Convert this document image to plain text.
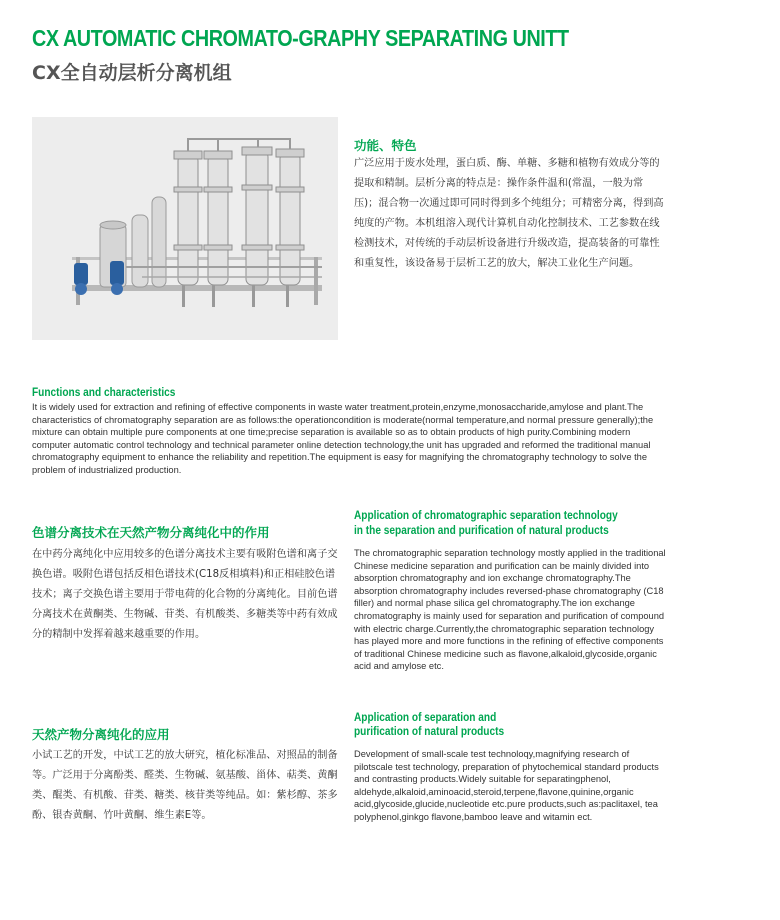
CX AUTOMATIC CHROMATO-GRAPHY SEPARATING UNITT
CX全自动层析分离机组
功能、特色

广泛应用于废水处理，蛋白质、酶、单糖、多糖和植物有效成分等的提取和精制。层析分离的特点是：操作条件温和(常温，一般为常压)；混合物一次通过即可同时得到多个纯组分；可精密分离，得到高纯度的产物。本机组溶入现代计算机自动化控制技术、工艺参数在线检测技术，对传统的手动层析设备进行升级改造，提高装备的可靠性和重复性，该设备易于层析工艺的放大，解决工业化生产问题。

Functions and characteristics

It is widely used for extraction and refining of effective components in waste water treatment,protein,enzyme,monosaccharide,amylose and plant.The characteristics of chromatography separation are as follows:the operationcondition is moderate(normal temperature,and normal pressure generally);the mixture can obtain multiple pure components at one time;precise separation is available so as to obtain products of high purity.Combining modern computer automatic control technology and technical parameter online detection technology,the unit has upgraded and reformed the traditional manual chromatography equipment to enhance the reliability and repetition.The equipment is easy for magnifying the chromatography technology to solve the problem of industrialized production.

色谱分离技术在天然产物分离纯化中的作用

在中药分离纯化中应用较多的色谱分离技术主要有吸附色谱和离子交换色谱。吸附色谱包括反相色谱技术(C18反相填料)和正相硅胶色谱技术；离子交换色谱主要用于带电荷的化合物的分离纯化。目前色谱分离技术在黄酮类、生物碱、苷类、有机酸类、多糖类等中药有效成分的精制中发挥着越来越重要的作用。

Application of chromatographic separation technology
in the separation and purification of natural products

The chromatographic separation technology mostly applied in the traditional Chinese medicine separation and purification can be mainly divided into absorption chromatography and ion exchange chromatography.The absorption chromatography includes reversed-phase chromatography (C18 filler) and normal phase silica gel chromatography.The ion exchange chromatography is mainly used for separation and purification of compound with electric charge.Currently,the chromatographic separation technology has played more and more functions in the refining of effective components of traditional Chinese medicine such as flavone,alkaloid,glycoside,organic acid and amylose etc.

天然产物分离纯化的应用

小试工艺的开发，中试工艺的放大研究，植化标准品、对照品的制备等。广泛用于分离酚类、醛类、生物碱、氨基酸、甾体、萜类、黄酮类、醌类、有机酸、苷类、糖类、核苷类等纯品。如：紫杉醇、茶多酚、银杏黄酮、竹叶黄酮、维生素E等。

Application of separation and
purification of natural products

Development of small-scale test technoloqy,magnifying research of pilotscale test technology, preparation of phytochemical standard products and contrasting products.Widely suitable for separatingphenol, aldehyde,alkaloid,aminoacid,steroid,terpene,flavone,quinine,organic acid,glycoside,glucide,nucleotide etc.pure products,such as:paclitaxel, tea polyphenol,ginkgo flavone,bamboo leave and witamin ect.
